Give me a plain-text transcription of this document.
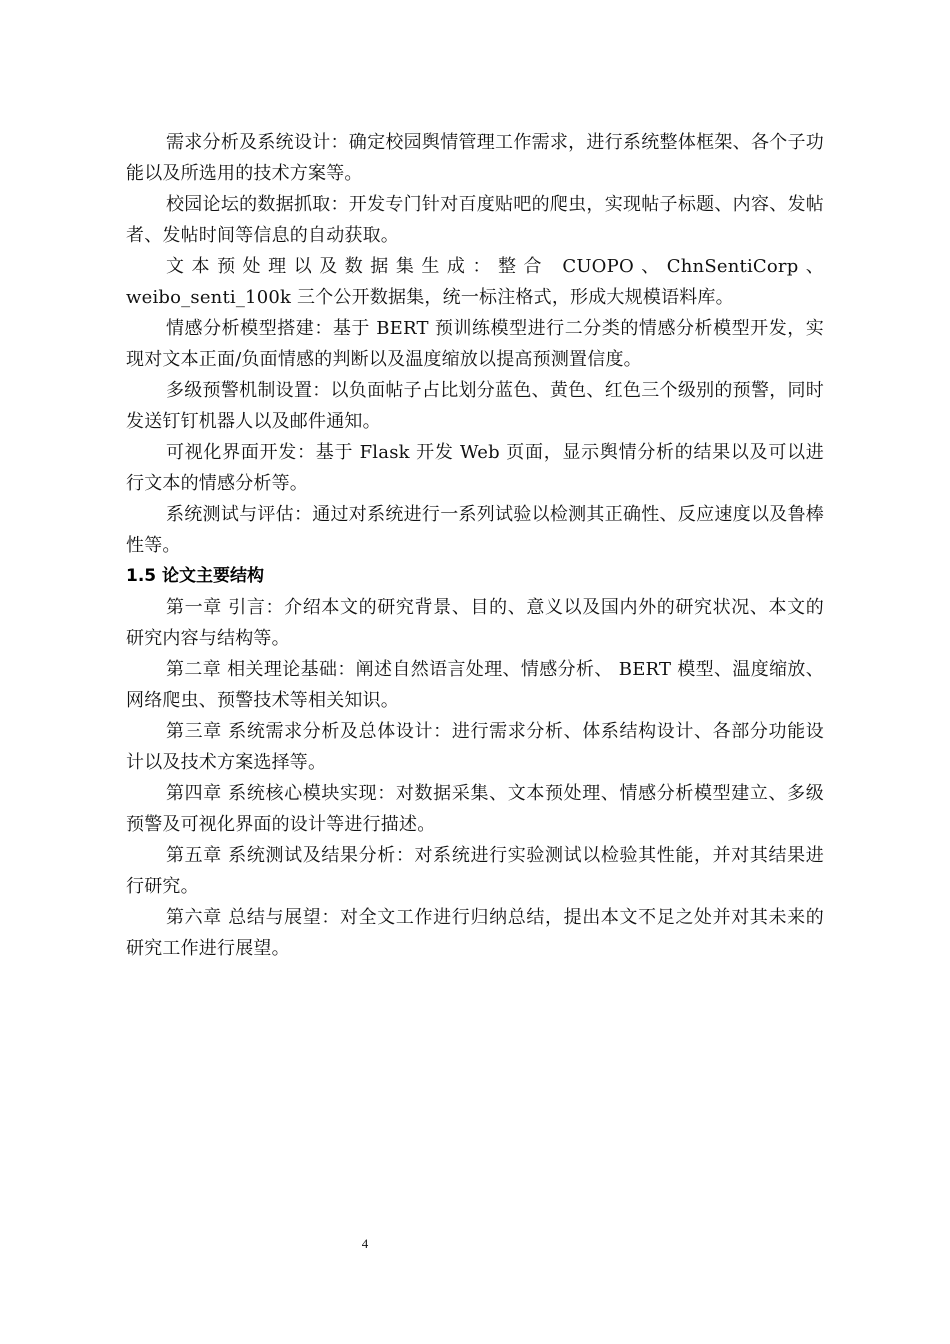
需求分析及系统设计：确定校园舆情管理工作需求，进行系统整体框架、各个子功能以及所选用的技术方案等。

校园论坛的数据抓取：开发专门针对百度贴吧的爬虫，实现帖子标题、内容、发帖者、发帖时间等信息的自动获取。

文本预处理以及数据集生成：整合 CUOPO、ChnSentiCorp、weibo_senti_100k 三个公开数据集，统一标注格式，形成大规模语料库。

情感分析模型搭建：基于 BERT 预训练模型进行二分类的情感分析模型开发，实现对文本正面/负面情感的判断以及温度缩放以提高预测置信度。

多级预警机制设置：以负面帖子占比划分蓝色、黄色、红色三个级别的预警，同时发送钉钉机器人以及邮件通知。

可视化界面开发：基于 Flask 开发 Web 页面，显示舆情分析的结果以及可以进行文本的情感分析等。

系统测试与评估：通过对系统进行一系列试验以检测其正确性、反应速度以及鲁棒性等。

1.5 论文主要结构

第一章 引言：介绍本文的研究背景、目的、意义以及国内外的研究状况、本文的研究内容与结构等。

第二章 相关理论基础：阐述自然语言处理、情感分析、 BERT 模型、温度缩放、网络爬虫、预警技术等相关知识。

第三章 系统需求分析及总体设计：进行需求分析、体系结构设计、各部分功能设计以及技术方案选择等。

第四章 系统核心模块实现：对数据采集、文本预处理、情感分析模型建立、多级预警及可视化界面的设计等进行描述。

第五章 系统测试及结果分析：对系统进行实验测试以检验其性能，并对其结果进行研究。

第六章 总结与展望：对全文工作进行归纳总结，提出本文不足之处并对其未来的研究工作进行展望。

4
